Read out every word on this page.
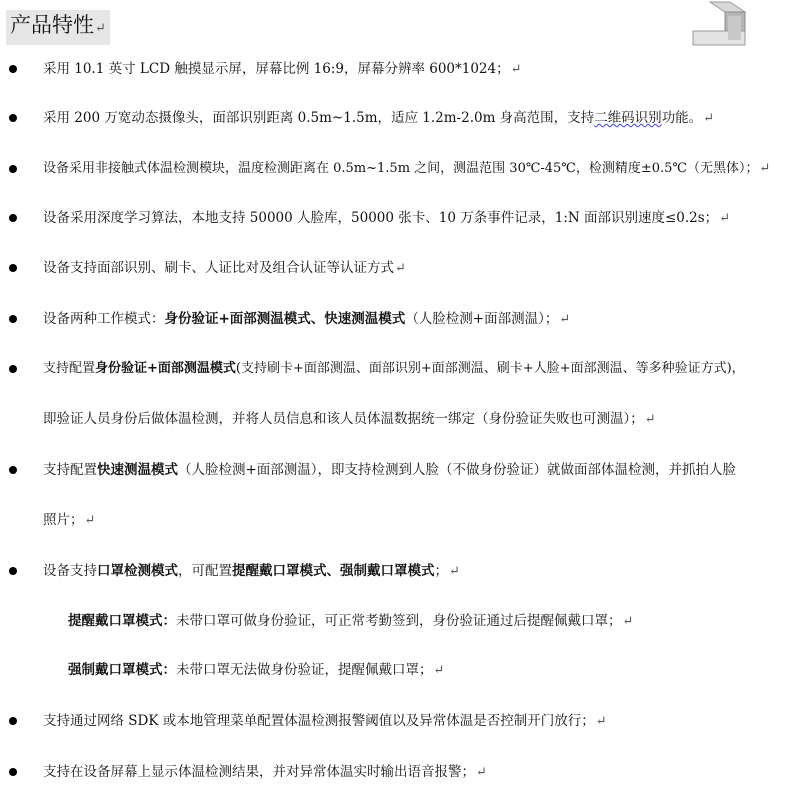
产品特性↵
采用 10.1 英寸 LCD 触摸显示屏，屏幕比例 16:9，屏幕分辨率 600*1024；↵
采用 200 万宽动态摄像头，面部识别距离 0.5m~1.5m，适应 1.2m-2.0m 身高范围，支持二维码识别功能。↵
设备采用非接触式体温检测模块，温度检测距离在 0.5m~1.5m 之间，测温范围 30℃-45℃，检测精度±0.5℃（无黑体）；↵
设备采用深度学习算法，本地支持 50000 人脸库，50000 张卡、10 万条事件记录，1:N 面部识别速度≤0.2s；↵
设备支持面部识别、刷卡、人证比对及组合认证等认证方式↵
设备两种工作模式：身份验证+面部测温模式、快速测温模式（人脸检测+面部测温）；↵
支持配置身份验证+面部测温模式(支持刷卡+面部测温、面部识别+面部测温、刷卡+人脸+面部测温、等多种验证方式)，
即验证人员身份后做体温检测，并将人员信息和该人员体温数据统一绑定（身份验证失败也可测温）；↵
支持配置快速测温模式（人脸检测+面部测温），即支持检测到人脸（不做身份验证）就做面部体温检测，并抓拍人脸
照片；↵
设备支持口罩检测模式，可配置提醒戴口罩模式、强制戴口罩模式；↵
提醒戴口罩模式：未带口罩可做身份验证，可正常考勤签到，身份验证通过后提醒佩戴口罩；↵
强制戴口罩模式：未带口罩无法做身份验证，提醒佩戴口罩；↵
支持通过网络 SDK 或本地管理菜单配置体温检测报警阈值以及异常体温是否控制开门放行；↵
支持在设备屏幕上显示体温检测结果，并对异常体温实时输出语音报警；↵
